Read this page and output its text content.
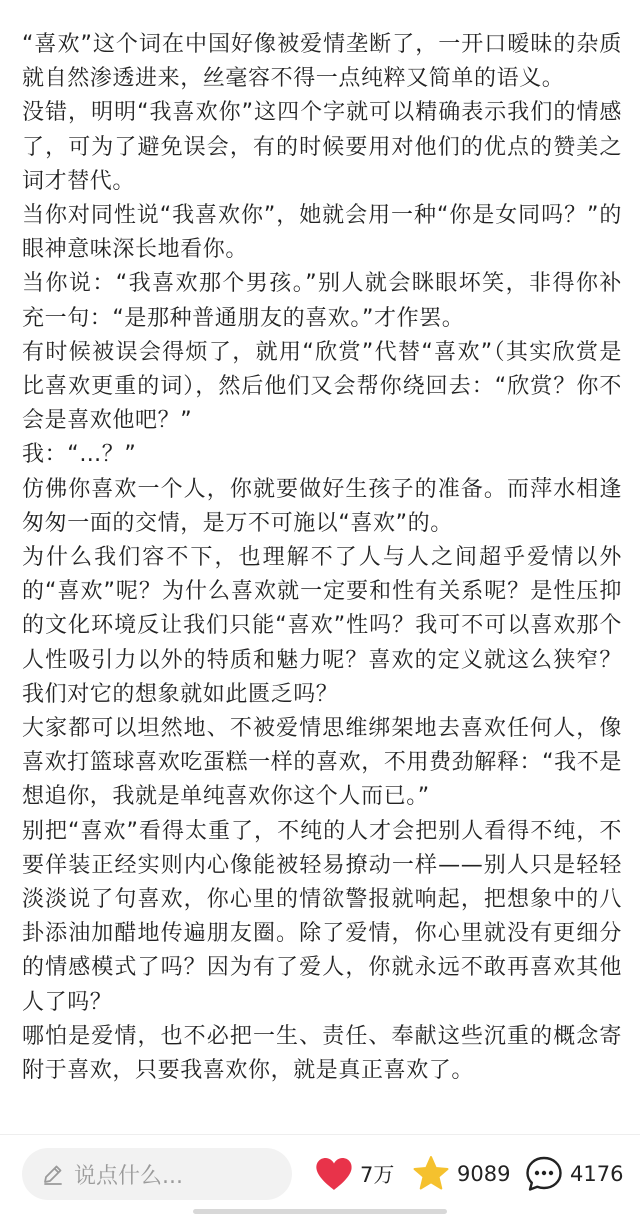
“喜欢”这个词在中国好像被爱情垄断了，一开口暧昧的杂质就自然渗透进来，丝毫容不得一点纯粹又简单的语义。

没错，明明“我喜欢你”这四个字就可以精确表示我们的情感了，可为了避免误会，有的时候要用对他们的优点的赞美之词才替代。

当你对同性说“我喜欢你”，她就会用一种“你是女同吗？”的眼神意味深长地看你。

当你说：“我喜欢那个男孩。”别人就会眯眼坏笑，非得你补充一句：“是那种普通朋友的喜欢。”才作罢。

有时候被误会得烦了，就用“欣赏”代替“喜欢”（其实欣赏是比喜欢更重的词），然后他们又会帮你绕回去：“欣赏？你不会是喜欢他吧？”

我：“…？”

仿佛你喜欢一个人，你就要做好生孩子的准备。而萍水相逢匆匆一面的交情，是万不可施以“喜欢”的。

为什么我们容不下，也理解不了人与人之间超乎爱情以外的“喜欢”呢？为什么喜欢就一定要和性有关系呢？是性压抑的文化环境反让我们只能“喜欢”性吗？我可不可以喜欢那个人性吸引力以外的特质和魅力呢？喜欢的定义就这么狭窄？我们对它的想象就如此匮乏吗？

大家都可以坦然地、不被爱情思维绑架地去喜欢任何人，像喜欢打篮球喜欢吃蛋糕一样的喜欢，不用费劲解释：“我不是想追你，我就是单纯喜欢你这个人而已。”

别把“喜欢”看得太重了，不纯的人才会把别人看得不纯，不要佯装正经实则内心像能被轻易撩动一样——别人只是轻轻淡淡说了句喜欢，你心里的情欲警报就响起，把想象中的八卦添油加醋地传遍朋友圈。除了爱情，你心里就没有更细分的情感模式了吗？因为有了爱人，你就永远不敢再喜欢其他人了吗？

哪怕是爱情，也不必把一生、责任、奉献这些沉重的概念寄附于喜欢，只要我喜欢你，就是真正喜欢了。

说点什么...	7万	9089	4176
